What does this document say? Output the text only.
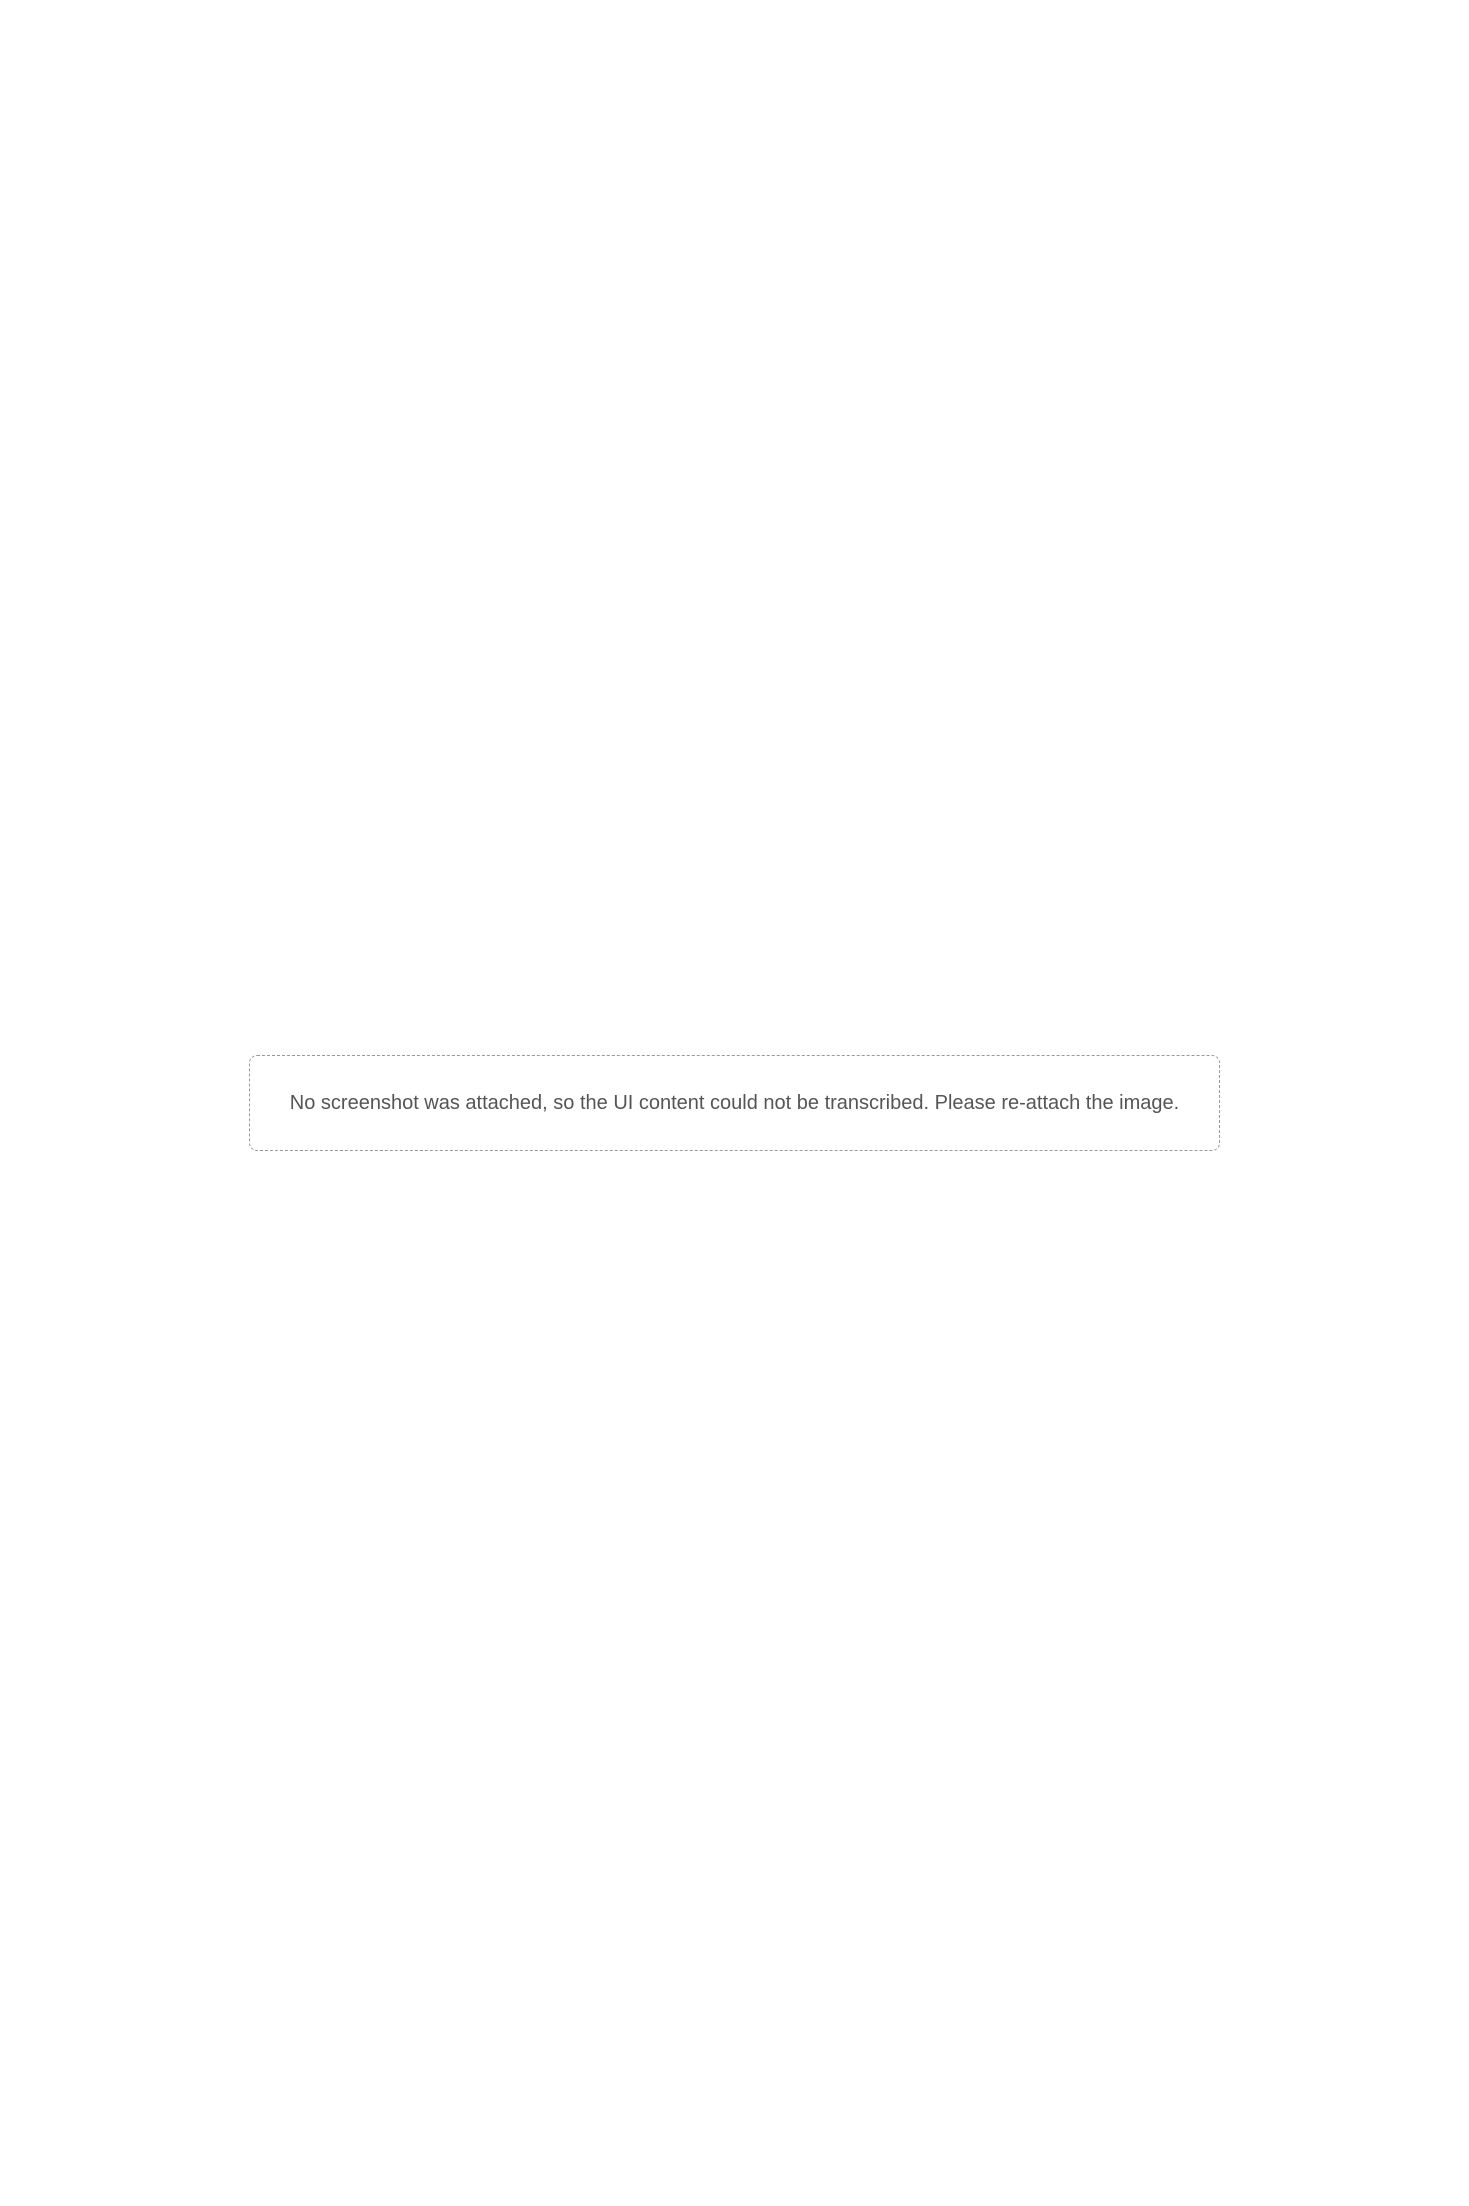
No screenshot was attached, so the UI content could not be transcribed. Please re-attach the image.
